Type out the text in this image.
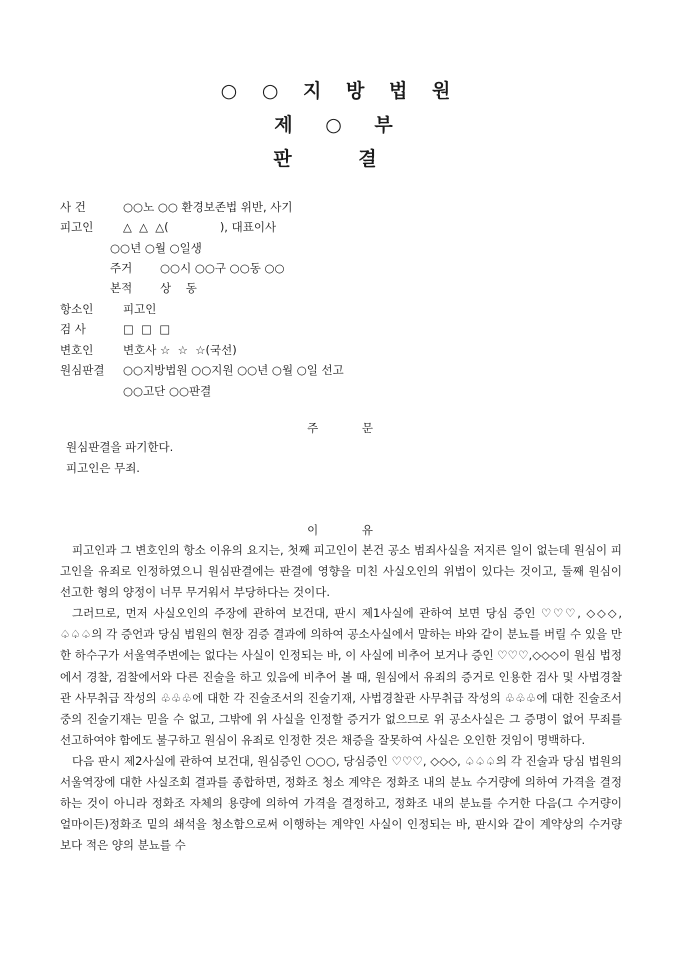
○ ○ 지 방 법 원
제 ○ 부
판 결
사 건	○○노 ○○ 환경보존법 위반, 사기
피고인	△  △  △(              ), 대표이사
○○년 ○월 ○일생
주거 ○○시 ○○구 ○○동 ○○
본적 상    동
항소인	피고인
검 사	□  □  □
변호인	변호사 ☆  ☆  ☆(국선)
원심판결 ○○지방법원 ○○지원 ○○년 ○월 ○일 선고
○○고단 ○○판결
주 문

원심판결을 파기한다.

피고인은 무죄.

이 유

피고인과 그 변호인의 항소 이유의 요지는, 첫째 피고인이 본건 공소 범죄사실을 저지른 일이 없는데 원심이 피고인을 유죄로 인정하였으니 원심판결에는 판결에 영향을 미친 사실오인의 위법이 있다는 것이고, 둘째 원심이 선고한 형의 양정이 너무 무거워서 부당하다는 것이다.

그러므로, 먼저 사실오인의 주장에 관하여 보건대, 판시 제1사실에 관하여 보면 당심 증인 ♡♡♡, ◇◇◇, ♤♤♤의 각 증언과 당심 법원의 현장 검증 결과에 의하여 공소사실에서 말하는 바와 같이 분뇨를 버릴 수 있을 만한 하수구가 서울역주변에는 없다는 사실이 인정되는 바, 이 사실에 비추어 보거나 증인 ♡♡♡,◇◇◇이 원심 법정에서 경찰, 검찰에서와 다른 진술을 하고 있음에 비추어 볼 때, 원심에서 유죄의 증거로 인용한 검사 및 사법경찰관 사무취급 작성의 ♧♧♧에 대한 각 진술조서의 진술기재, 사법경찰관 사무취급 작성의 ♧♧♧에 대한 진술조서 중의 진술기재는 믿을 수 없고, 그밖에 위 사실을 인정할 증거가 없으므로 위 공소사실은 그 증명이 없어 무죄를 선고하여야 함에도 불구하고 원심이 유죄로 인정한 것은 채증을 잘못하여 사실은 오인한 것임이 명백하다.

다음 판시 제2사실에 관하여 보건대, 원심증인 ○○○, 당심증인 ♡♡♡, ◇◇◇, ♤♤♤의 각 진술과 당심 법원의 서울역장에 대한 사실조회 결과를 종합하면, 정화조 청소 계약은 정화조 내의 분뇨 수거량에 의하여 가격을 결정하는 것이 아니라 정화조 자체의 용량에 의하여 가격을 결정하고, 정화조 내의 분뇨를 수거한 다음(그 수거량이 얼마이든)정화조 밑의 쇄석을 청소함으로써 이행하는 계약인 사실이 인정되는 바, 판시와 같이 계약상의 수거량보다 적은 양의 분뇨를 수
